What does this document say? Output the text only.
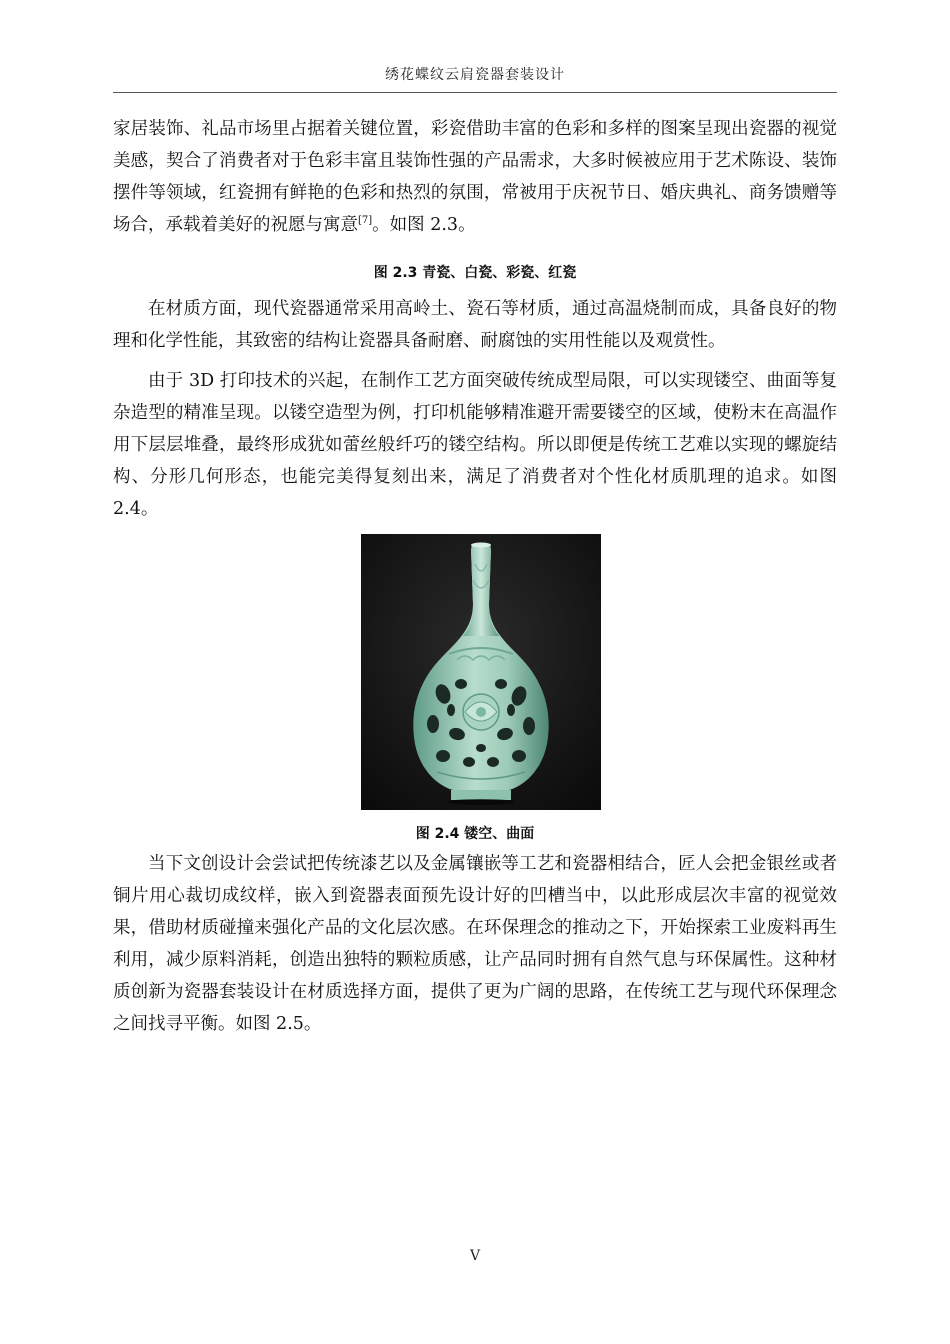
绣花蝶纹云肩瓷器套装设计

家居装饰、礼品市场里占据着关键位置，彩瓷借助丰富的色彩和多样的图案呈现出瓷器的视觉美感，契合了消费者对于色彩丰富且装饰性强的产品需求，大多时候被应用于艺术陈设、装饰摆件等领域，红瓷拥有鲜艳的色彩和热烈的氛围，常被用于庆祝节日、婚庆典礼、商务馈赠等场合，承载着美好的祝愿与寓意[7]。如图 2.3。

图 2.3 青瓷、白瓷、彩瓷、红瓷

在材质方面，现代瓷器通常采用高岭土、瓷石等材质，通过高温烧制而成，具备良好的物理和化学性能，其致密的结构让瓷器具备耐磨、耐腐蚀的实用性能以及观赏性。

由于 3D 打印技术的兴起，在制作工艺方面突破传统成型局限，可以实现镂空、曲面等复杂造型的精准呈现。以镂空造型为例，打印机能够精准避开需要镂空的区域，使粉末在高温作用下层层堆叠，最终形成犹如蕾丝般纤巧的镂空结构。所以即便是传统工艺难以实现的螺旋结构、分形几何形态，也能完美得复刻出来，满足了消费者对个性化材质肌理的追求。如图 2.4。

图 2.4 镂空、曲面

当下文创设计会尝试把传统漆艺以及金属镶嵌等工艺和瓷器相结合，匠人会把金银丝或者铜片用心裁切成纹样，嵌入到瓷器表面预先设计好的凹槽当中，以此形成层次丰富的视觉效果，借助材质碰撞来强化产品的文化层次感。在环保理念的推动之下，开始探索工业废料再生利用，减少原料消耗，创造出独特的颗粒质感，让产品同时拥有自然气息与环保属性。这种材质创新为瓷器套装设计在材质选择方面，提供了更为广阔的思路，在传统工艺与现代环保理念之间找寻平衡。如图 2.5。

V
